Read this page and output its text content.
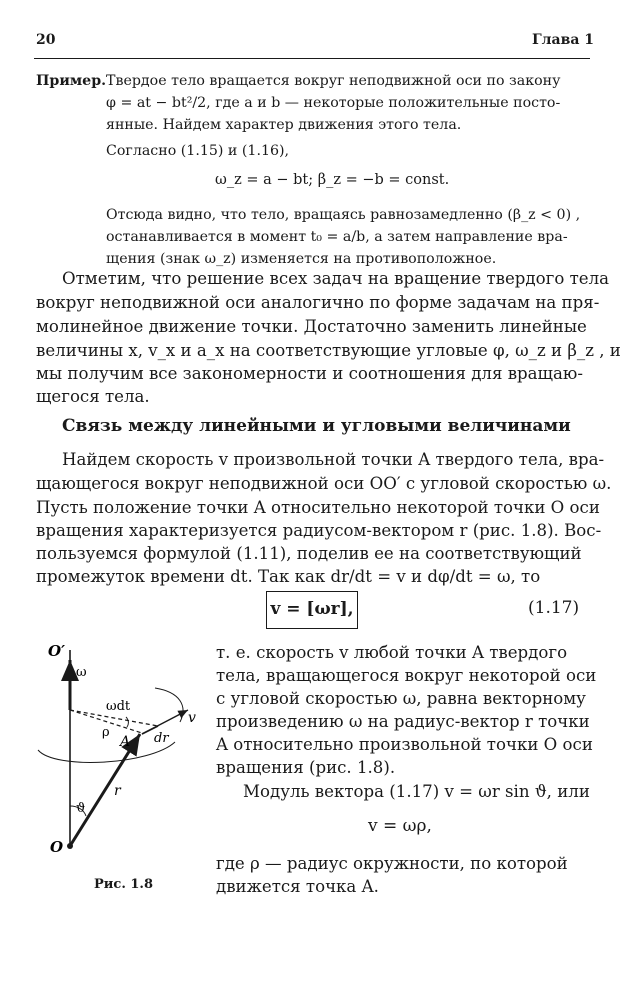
20	Глава 1
Пример. Твердое тело вращается вокруг неподвижной оси по закону
φ = at − bt²/2, где a и b — некоторые положительные посто-
янные. Найдем характер движения этого тела.
Согласно (1.15) и (1.16),
ω_z = a − bt; β_z = −b = const.
Отсюда видно, что тело, вращаясь равнозамедленно (β_z < 0) ,
останавливается в момент t₀ = a/b, а затем направление вра-
щения (знак ω_z) изменяется на противоположное.
Отметим, что решение всех задач на вращение твердого тела
вокруг неподвижной оси аналогично по форме задачам на пря-
молинейное движение точки. Достаточно заменить линейные
величины x, v_x и a_x на соответствующие угловые φ, ω_z и β_z , и
мы получим все закономерности и соотношения для вращаю-
щегося тела.
Связь между линейными и угловыми величинами
Найдем скорость v произвольной точки A твердого тела, вра-
щающегося вокруг неподвижной оси OO′ с угловой скоростью ω.
Пусть положение точки A относительно некоторой точки O оси
вращения характеризуется радиусом-вектором r (рис. 1.8). Вос-
пользуемся формулой (1.11), поделив ее на соответствующий
промежуток времени dt. Так как dr/dt = v и dφ/dt = ω, то
v = [ωr],	(1.17)
O′
ω
ωdt
ρ
A dr
v
ϑ
r
O
Рис. 1.8
т. е. скорость v любой точки A твердого
тела, вращающегося вокруг некоторой оси
с угловой скоростью ω, равна векторному
произведению ω на радиус-вектор r точки
A относительно произвольной точки O оси
вращения (рис. 1.8).
Модуль вектора (1.17) v = ωr sin ϑ, или
v = ωρ,
где ρ — радиус окружности, по которой
движется точка A.
